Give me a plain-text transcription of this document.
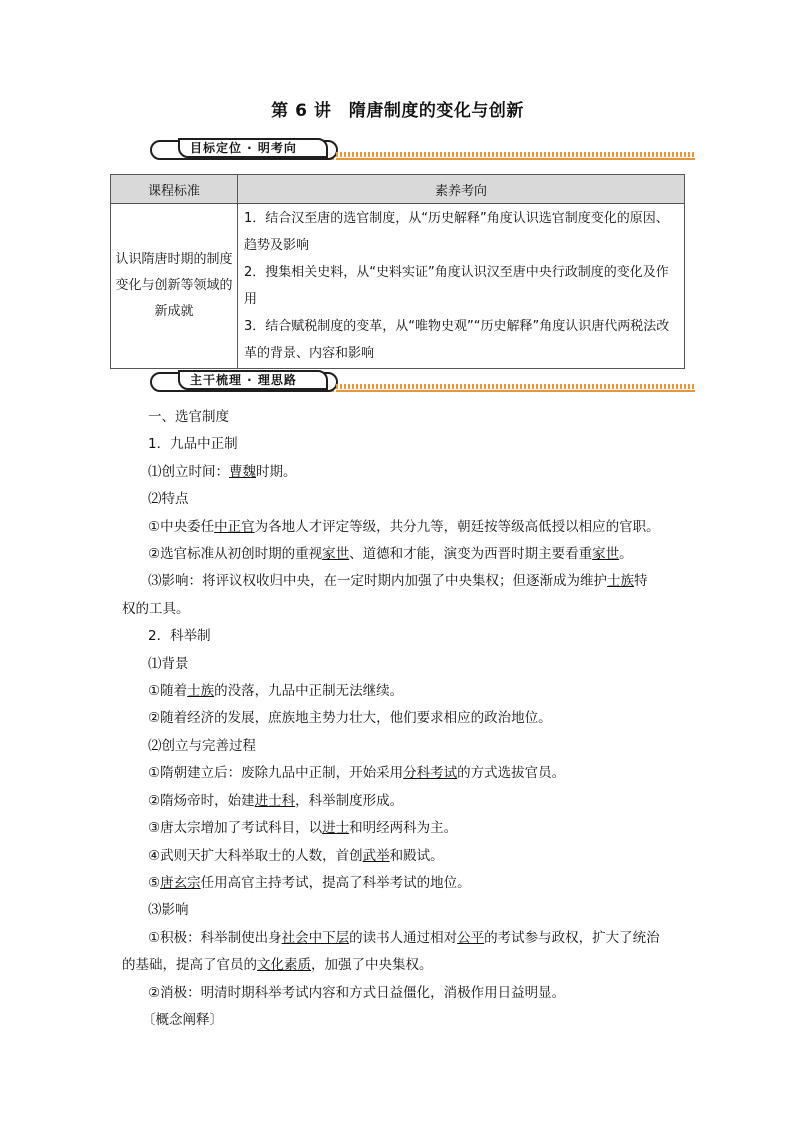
第 6 讲　隋唐制度的变化与创新
目标定位 · 明考向
课程标准	素养考向
认识隋唐时期的制度变化与创新等领域的新成就	1．结合汉至唐的选官制度，从“历史解释”角度认识选官制度变化的原因、趋势及影响
2．搜集相关史料，从“史料实证”角度认识汉至唐中央行政制度的变化及作用
3．结合赋税制度的变革，从“唯物史观”“历史解释”角度认识唐代两税法改革的背景、内容和影响
主干梳理 · 理思路
一、选官制度
1．九品中正制
⑴创立时间：曹魏时期。
⑵特点
①中央委任中正官为各地人才评定等级，共分九等，朝廷按等级高低授以相应的官职。
②选官标准从初创时期的重视家世、道德和才能，演变为西晋时期主要看重家世。
⑶影响：将评议权收归中央，在一定时期内加强了中央集权；但逐渐成为维护士族特
权的工具。
2．科举制
⑴背景
①随着士族的没落，九品中正制无法继续。
②随着经济的发展，庶族地主势力壮大，他们要求相应的政治地位。
⑵创立与完善过程
①隋朝建立后：废除九品中正制，开始采用分科考试的方式选拔官员。
②隋炀帝时，始建进士科，科举制度形成。
③唐太宗增加了考试科目，以进士和明经两科为主。
④武则天扩大科举取士的人数，首创武举和殿试。
⑤唐玄宗任用高官主持考试，提高了科举考试的地位。
⑶影响
①积极：科举制使出身社会中下层的读书人通过相对公平的考试参与政权，扩大了统治
的基础，提高了官员的文化素质，加强了中央集权。
②消极：明清时期科举考试内容和方式日益僵化，消极作用日益明显。
〔概念阐释〕
